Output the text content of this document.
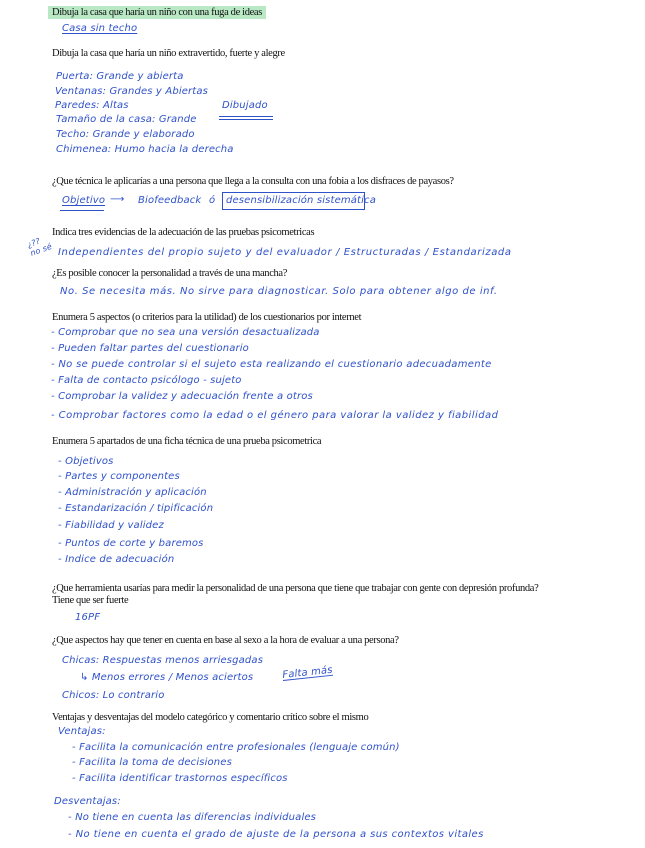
Dibuja la casa que haría un niño con una fuga de ideas
Casa sin techo
Dibuja la casa que haría un niño extravertido, fuerte y alegre
Puerta: Grande y abierta
Ventanas: Grandes y Abiertas
Paredes: Altas
Tamaño de la casa: Grande
Techo: Grande y elaborado
Chimenea: Humo hacia la derecha
Dibujado
¿Que técnica le aplicarías a una persona que llega a la consulta con una fobia a los disfraces de payasos?
Objetivo ⟶ Biofeedback ó desensibilización sistemática
Indica tres evidencias de la adecuación de las pruebas psicometricas
¿??
no sé Independientes del propio sujeto y del evaluador / Estructuradas / Estandarizada
¿Es posible conocer la personalidad a través de una mancha?
No. Se necesita más. No sirve para diagnosticar. Solo para obtener algo de inf.
Enumera 5 aspectos (o criterios para la utilidad) de los cuestionarios por internet
- Comprobar que no sea una versión desactualizada
- Pueden faltar partes del cuestionario
- No se puede controlar si el sujeto esta realizando el cuestionario adecuadamente
- Falta de contacto psicólogo - sujeto
- Comprobar la validez y adecuación frente a otros
- Comprobar factores como la edad o el género para valorar la validez y fiabilidad
Enumera 5 apartados de una ficha técnica de una prueba psicometrica
- Objetivos
- Partes y componentes
- Administración y aplicación
- Estandarización / tipificación
- Fiabilidad y validez
- Puntos de corte y baremos
- Indice de adecuación
¿Que herramienta usarías para medir la personalidad de una persona que tiene que trabajar con gente con depresión profunda?
Tiene que ser fuerte
16PF
¿Que aspectos hay que tener en cuenta en base al sexo a la hora de evaluar a una persona?
Chicas: Respuestas menos arriesgadas
↳ Menos errores / Menos aciertos
Chicos: Lo contrario
Falta más
Ventajas y desventajas del modelo categórico y comentario crítico sobre el mismo
Ventajas:
- Facilita la comunicación entre profesionales (lenguaje común)
- Facilita la toma de decisiones
- Facilita identificar trastornos específicos
Desventajas:
- No tiene en cuenta las diferencias individuales
- No tiene en cuenta el grado de ajuste de la persona a sus contextos vitales
